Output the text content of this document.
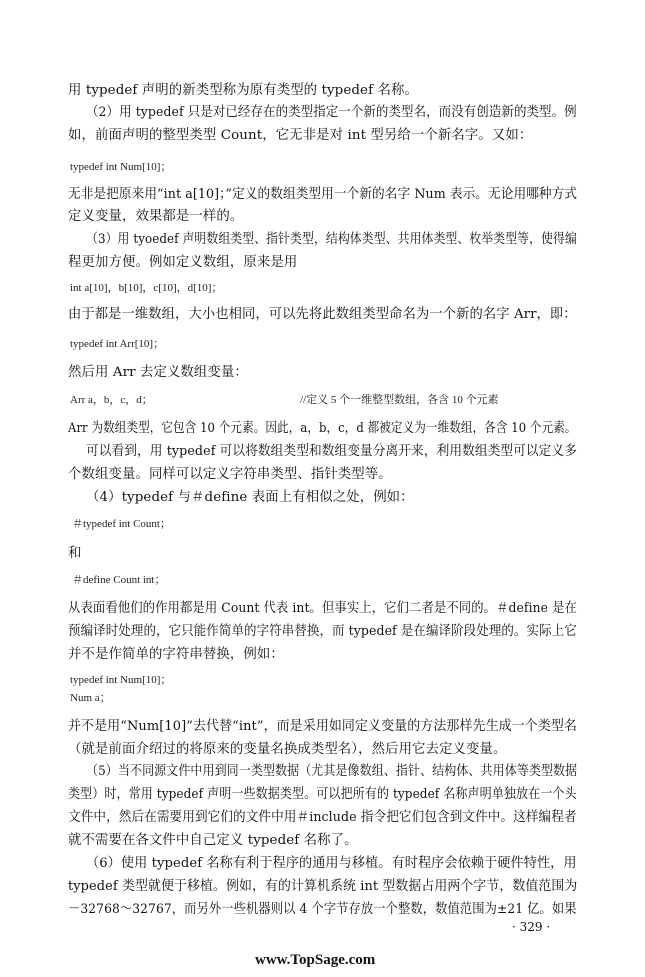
用 typedef 声明的新类型称为原有类型的 typedef 名称。
（2）用 typedef 只是对已经存在的类型指定一个新的类型名，而没有创造新的类型。例
如，前面声明的整型类型 Count，它无非是对 int 型另给一个新名字。又如：
typedef int Num[10]；
无非是把原来用“int a[10]；”定义的数组类型用一个新的名字 Num 表示。无论用哪种方式
定义变量，效果都是一样的。
（3）用 tyoedef 声明数组类型、指针类型，结构体类型、共用体类型、枚举类型等，使得编
程更加方便。例如定义数组，原来是用
int a[10]，b[10]，c[10]，d[10]；
由于都是一维数组，大小也相同，可以先将此数组类型命名为一个新的名字 Arr，即：
typedef int Arr[10]；
然后用 Arr 去定义数组变量：
Arr a，b，c，d；	//定义 5 个一维整型数组，各含 10 个元素
Arr 为数组类型，它包含 10 个元素。因此，a，b，c，d 都被定义为一维数组，各含 10 个元素。
可以看到，用 typedef 可以将数组类型和数组变量分离开来，利用数组类型可以定义多
个数组变量。同样可以定义字符串类型、指针类型等。
（4）typedef 与＃define 表面上有相似之处，例如：
＃typedef int Count；
和
＃define Count int；
从表面看他们的作用都是用 Count 代表 int。但事实上，它们二者是不同的。＃define 是在
预编译时处理的，它只能作简单的字符串替换，而 typedef 是在编译阶段处理的。实际上它
并不是作简单的字符串替换，例如：
typedef int Num[10]；
Num a；
并不是用“Num[10]”去代替“int”，而是采用如同定义变量的方法那样先生成一个类型名
（就是前面介绍过的将原来的变量名换成类型名），然后用它去定义变量。
（5）当不同源文件中用到同一类型数据（尤其是像数组、指针、结构体、共用体等类型数据
类型）时，常用 typedef 声明一些数据类型。可以把所有的 typedef 名称声明单独放在一个头
文件中，然后在需要用到它们的文件中用＃include 指令把它们包含到文件中。这样编程者
就不需要在各文件中自己定义 typedef 名称了。
（6）使用 typedef 名称有利于程序的通用与移植。有时程序会依赖于硬件特性，用
typedef 类型就便于移植。例如，有的计算机系统 int 型数据占用两个字节，数值范围为
－32768～32767，而另外一些机器则以 4 个字节存放一个整数，数值范围为±21 亿。如果
· 329 ·
www.TopSage.com
